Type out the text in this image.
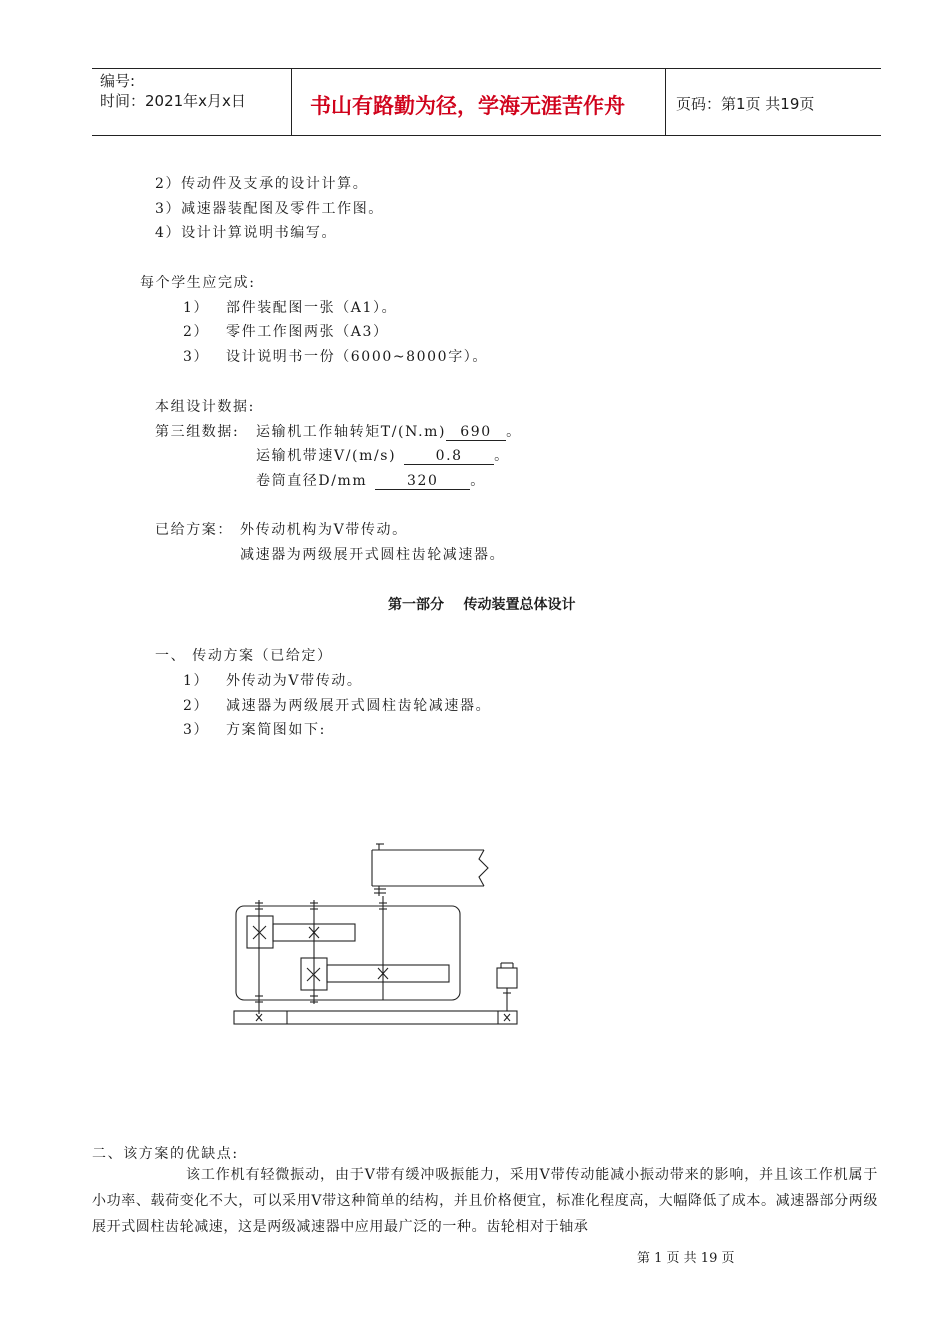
编号:
时间：2021年x月x日	书山有路勤为径，学海无涯苦作舟	页码：第1页 共19页
2）传动件及支承的设计计算。
3）减速器装配图及零件工作图。
4）设计计算说明书编写。
每个学生应完成:
1） 部件装配图一张（A1）。
2） 零件工作图两张（A3）
3） 设计说明书一份（6000~8000字）。
本组设计数据:
第三组数据: 运输机工作轴转矩T/(N.m) 690 。
运输机带速V/(m/s)	0.8 。
卷筒直径D/mm	320 。
已给方案： 外传动机构为V带传动。
减速器为两级展开式圆柱齿轮减速器。
第一部分    传动装置总体设计
一、 传动方案（已给定）
1） 外传动为V带传动。
2） 减速器为两级展开式圆柱齿轮减速器。
3） 方案简图如下:
二、该方案的优缺点:
该工作机有轻微振动，由于V带有缓冲吸振能力，采用V带传动能减小振动带来的影响，并且该工作机属于小功率、载荷变化不大，可以采用V带这种简单的结构，并且价格便宜，标准化程度高，大幅降低了成本。减速器部分两级展开式圆柱齿轮减速，这是两级减速器中应用最广泛的一种。齿轮相对于轴承
第 1 页 共 19 页
